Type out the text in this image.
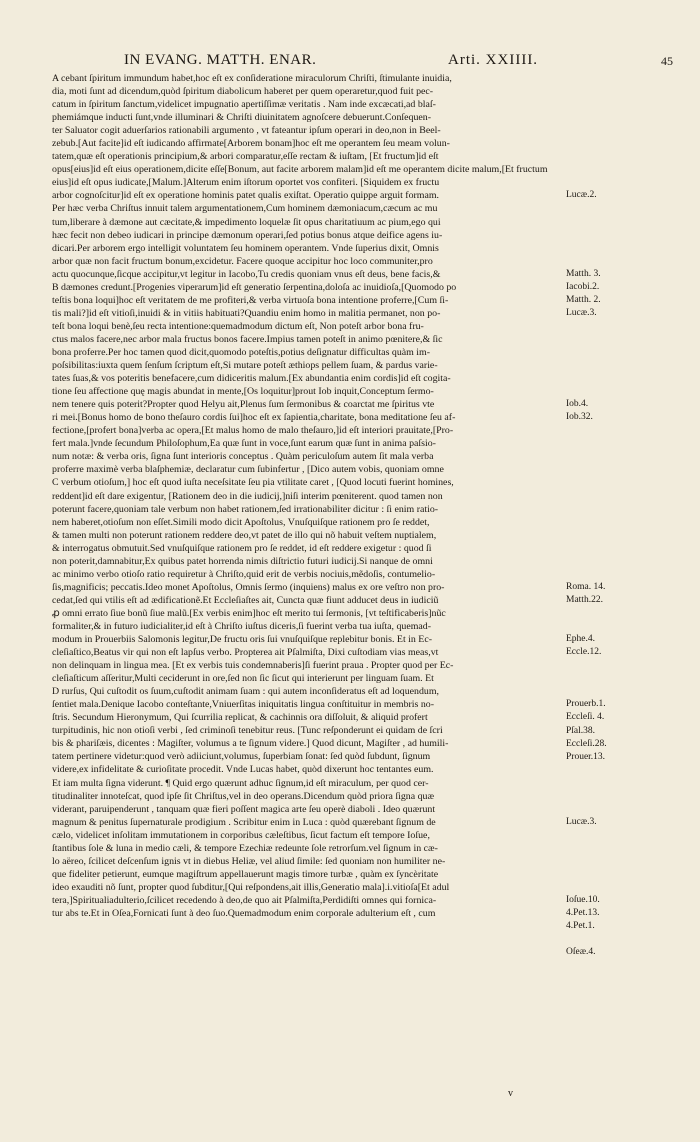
IN EVANG. MATTH. ENAR.	Arti. XXIIII.	45
A cebant ſpiritum immundum habet,hoc eſt ex conſideratione miraculorum Chriſti, ſtimulante inuidia,
dia, moti ſunt ad dicendum,quòd ſpiritum diabolicum haberet per quem operaretur,quod fuit pec-
catum in ſpiritum ſanctum,videlicet impugnatio apertiſſimæ veritatis . Nam inde excæcati,ad blaſ-
phemiámque inducti ſunt,vnde illuminari & Chriſti diuinitatem agnoſcere debuerunt.Conſequen-
ter Saluator cogit aduerſarios rationabili argumento , vt fateantur ipſum operari in deo,non in Beel-
zebub.[Aut facite]id eſt iudicando affirmate[Arborem bonam]hoc eſt me operantem ſeu meam volun-
tatem,quæ eſt operationis principium,& arbori comparatur,eſſe rectam & iuſtam, [Et fructum]id eſt
opus[eius]id eſt eius operationem,dicite eſſe[Bonum, aut facite arborem malam]id eſt me operantem dicite malum,[Et fructum
eius]id eſt opus iudicate,[Malum.]Alterum enim iſtorum oportet vos confiteri. [Siquidem ex fructu
arbor cognoſcitur]id eſt ex operatione hominis patet qualis exiſtat. Operatio quippe arguit formam.
Per hæc verba Chriſtus innuit talem argumentationem,Cum hominem dæmoniacum,cæcum ac mu
tum,liberare à dæmone aut cæcitate,& impedimento loquelæ ſit opus charitatiuum ac pium,ego qui
hæc fecit non debeo iudicari in principe dæmonum operari,ſed potius bonus atque deifice agens iu-
dicari.Per arborem ergo intelligit voluntatem ſeu hominem operantem. Vnde ſuperius dixit, Omnis
arbor quæ non facit fructum bonum,excidetur. Facere quoque accipitur hoc loco communiter,pro
actu quocunque,ſicque accipitur,vt legitur in Iacobo,Tu credis quoniam vnus eſt deus, bene facis,&
B dæmones credunt.[Progenies viperarum]id eſt generatio ſerpentina,doloſa ac inuidioſa,[Quomodo po
teſtis bona loqui]hoc eſt veritatem de me profiteri,& verba virtuoſa bona intentione proferre,[Cum ſi-
tis mali?]id eſt vitioſi,inuidi & in vitiis habituati?Quandiu enim homo in malitia permanet, non po-
teſt bona loqui benè,ſeu recta intentione:quemadmodum dictum eſt, Non poteſt arbor bona fru-
ctus malos facere,nec arbor mala fructus bonos facere.Impius tamen poteſt in animo pœnitere,& ſic
bona proferre.Per hoc tamen quod dicit,quomodo poteſtis,potius deſignatur difficultas quàm im-
poſsibilitas:iuxta quem ſenſum ſcriptum eſt,Si mutare poteſt æthiops pellem ſuam, & pardus varie-
tates ſuas,& vos poteritis benefacere,cum didiceritis malum.[Ex abundantia enim cordis]id eſt cogita-
tione ſeu affectione quę magis abundat in mente,[Os loquitur]prout Iob inquit,Conceptum ſermo-
nem tenere quis poterit?Propter quod Helyu ait,Plenus ſum ſermonibus & coarctat me ſpiritus vte
ri mei.[Bonus homo de bono theſauro cordis ſui]hoc eſt ex ſapientia,charitate, bona meditatione ſeu af-
fectione,[profert bona]verba ac opera,[Et malus homo de malo theſauro,]id eſt interiori prauitate,[Pro-
fert mala.]vnde ſecundum Philoſophum,Ea quæ ſunt in voce,ſunt earum quæ ſunt in anima paſsio-
num notæ: & verba oris, ſigna ſunt interioris conceptus . Quàm periculoſum autem ſit mala verba
proferre maximè verba blaſphemiæ, declaratur cum ſubinfertur , [Dico autem vobis, quoniam omne
C verbum otioſum,] hoc eſt quod iuſta neceſsitate ſeu pia vtilitate caret , [Quod locuti fuerint homines,
reddent]id eſt dare exigentur, [Rationem deo in die iudicij,]niſi interim pœniterent. quod tamen non
poterunt facere,quoniam tale verbum non habet rationem,ſed irrationabiliter dicitur : ſi enim ratio-
nem haberet,otioſum non eſſet.Simili modo dicit Apoſtolus, Vnuſquiſque rationem pro ſe reddet,
& tamen multi non poterunt rationem reddere deo,vt patet de illo qui nõ habuit veſtem nuptialem,
& interrogatus obmutuit.Sed vnuſquiſque rationem pro ſe reddet, id eſt reddere exigetur : quod ſi
non poterit,damnabitur,Ex quibus patet horrenda nimis diſtrictio futuri iudicij.Si nanque de omni
ac minimo verbo otioſo ratio requiretur à Chriſto,quid erit de verbis nociuis,mẽdoſis, contumelio-
ſis,magnificis; peccatis.Ideo monet Apoſtolus, Omnis ſermo (inquiens) malus ex ore veſtro non pro-
cedat,ſed qui vtilis eſt ad ædificationẽ.Et Eccleſiaſtes ait, Cuncta quæ fiunt adducet deus in iudiciũ
ꝓ omni errato ſiue bonũ ſiue malũ.[Ex verbis enim]hoc eſt merito tui ſermonis, [vt teſtificaberis]nũc
formaliter,& in futuro iudicialiter,id eſt à Chriſto iuſtus diceris,ſi fuerint verba tua iuſta, quemad-
modum in Prouerbiis Salomonis legitur,De fructu oris ſui vnuſquiſque replebitur bonis. Et in Ec-
cleſiaſtico,Beatus vir qui non eſt lapſus verbo. Propterea ait Pſalmiſta, Dixi cuſtodiam vias meas,vt
non delinquam in lingua mea. [Et ex verbis tuis condemnaberis]ſi fuerint praua . Propter quod per Ec-
cleſiaſticum aſſeritur,Multi ceciderunt in ore,ſed non ſic ſicut qui interierunt per linguam ſuam. Et
D rurſus, Qui cuſtodit os ſuum,cuſtodit animam ſuam : qui autem inconſideratus eſt ad loquendum,
ſentiet mala.Denique Iacobo conteſtante,Vniuerſitas iniquitatis lingua conſtituitur in membris no-
ſtris. Secundum Hieronymum, Qui ſcurrilia replicat, & cachinnis ora diſſoluit, & aliquid profert
turpitudinis, hic non otioſi verbi , ſed criminoſi tenebitur reus. [Tunc reſponderunt ei quidam de ſcri
bis & phariſæis, dicentes : Magiſter, volumus a te ſignum videre.] Quod dicunt, Magiſter , ad humili-
tatem pertinere videtur:quod verò adiiciunt,volumus, ſuperbiam ſonat: ſed quòd ſubdunt, ſignum
videre,ex infidelitate & curioſitate procedit. Vnde Lucas habet, quòd dixerunt hoc tentantes eum.
Et iam multa ſigna viderunt. ¶ Quid ergo quærunt adhuc ſignum,id eſt miraculum, per quod cer-
titudinaliter innoteſcat, quod ipſe ſit Chriſtus,vel in deo operans.Dicendum quòd priora ſigna quæ
viderant, paruipenderunt , tanquam quæ fieri poſſent magica arte ſeu operè diaboli . Ideo quærunt
magnum & penitus ſupernaturale prodigium . Scribitur enim in Luca : quòd quærebant ſignum de
cælo, videlicet inſolitam immutationem in corporibus cæleſtibus, ſicut factum eſt tempore Ioſue,
ſtantibus ſole & luna in medio cæli, & tempore Ezechiæ redeunte ſole retrorſum.vel ſignum in cæ-
lo aëreo, ſcilicet deſcenſum ignis vt in diebus Heliæ, vel aliud ſimile: ſed quoniam non humiliter ne-
que fideliter petierunt, eumque magiſtrum appellauerunt magis timore turbæ , quàm ex ſyncèritate
ideo exauditi nõ ſunt, propter quod ſubditur,[Qui reſpondens,ait illis,Generatio mala].i.vitioſa[Et adul
tera,]Spiritualiadulterio,ſcilicet recedendo à deo,de quo ait Pſalmiſta,Perdidiſti omnes qui fornica-
tur abs te.Et in Oſea,Fornicati ſunt à deo ſuo.Quemadmodum enim corporale adulterium eſt , cum
Lucæ.2.
Matth. 3.
Iacobi.2.
Matth. 2.
Lucæ.3.
Iob.4.
Iob.32.
Roma. 14.
Matth.22.
Ephe.4.
Eccle.12.
Prouerb.1.
Eccleſi. 4.
Pſal.38.
Eccleſi.28.
Prouer.13.
Lucæ.3.
Ioſue.10.
4.Pet.13.
4.Pet.1.
Oſeæ.4.
v
